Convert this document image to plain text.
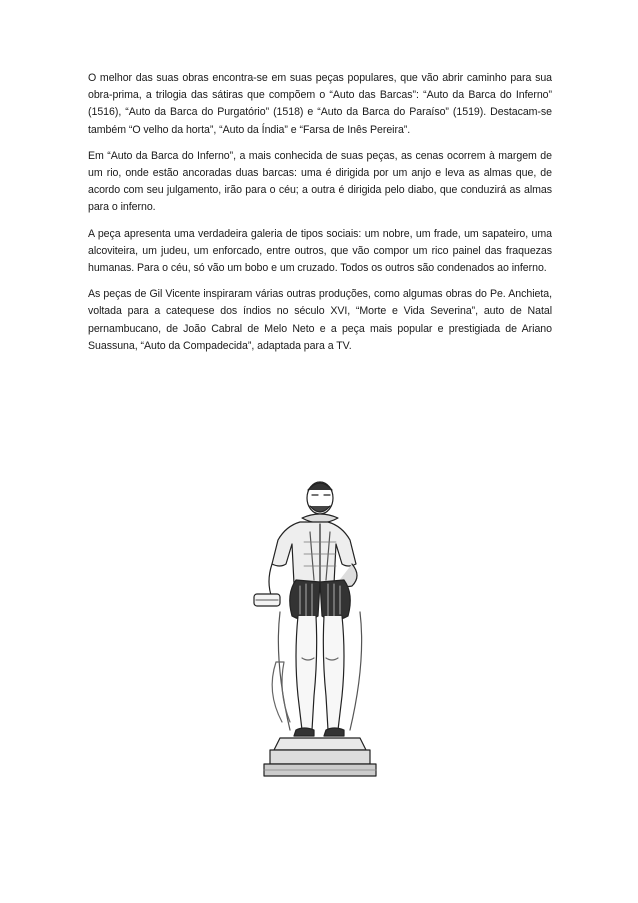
O melhor das suas obras encontra-se em suas peças populares, que vão abrir caminho para sua obra-prima, a trilogia das sátiras que compõem o “Auto das Barcas”: “Auto da Barca do Inferno” (1516), “Auto da Barca do Purgatório” (1518) e “Auto da Barca do Paraíso” (1519). Destacam-se também “O velho da horta”, “Auto da Índia” e “Farsa de Inês Pereira”.

Em “Auto da Barca do Inferno”, a mais conhecida de suas peças, as cenas ocorrem à margem de um rio, onde estão ancoradas duas barcas: uma é dirigida por um anjo e leva as almas que, de acordo com seu julgamento, irão para o céu; a outra é dirigida pelo diabo, que conduzirá as almas para o inferno.

A peça apresenta uma verdadeira galeria de tipos sociais: um nobre, um frade, um sapateiro, uma alcoviteira, um judeu, um enforcado, entre outros, que vão compor um rico painel das fraquezas humanas. Para o céu, só vão um bobo e um cruzado. Todos os outros são condenados ao inferno.

As peças de Gil Vicente inspiraram várias outras produções, como algumas obras do Pe. Anchieta, voltada para a catequese dos índios no século XVI, “Morte e Vida Severina”, auto de Natal pernambucano, de João Cabral de Melo Neto e a peça mais popular e prestigiada de Ariano Suassuna, “Auto da Compadecida”, adaptada para a TV.
